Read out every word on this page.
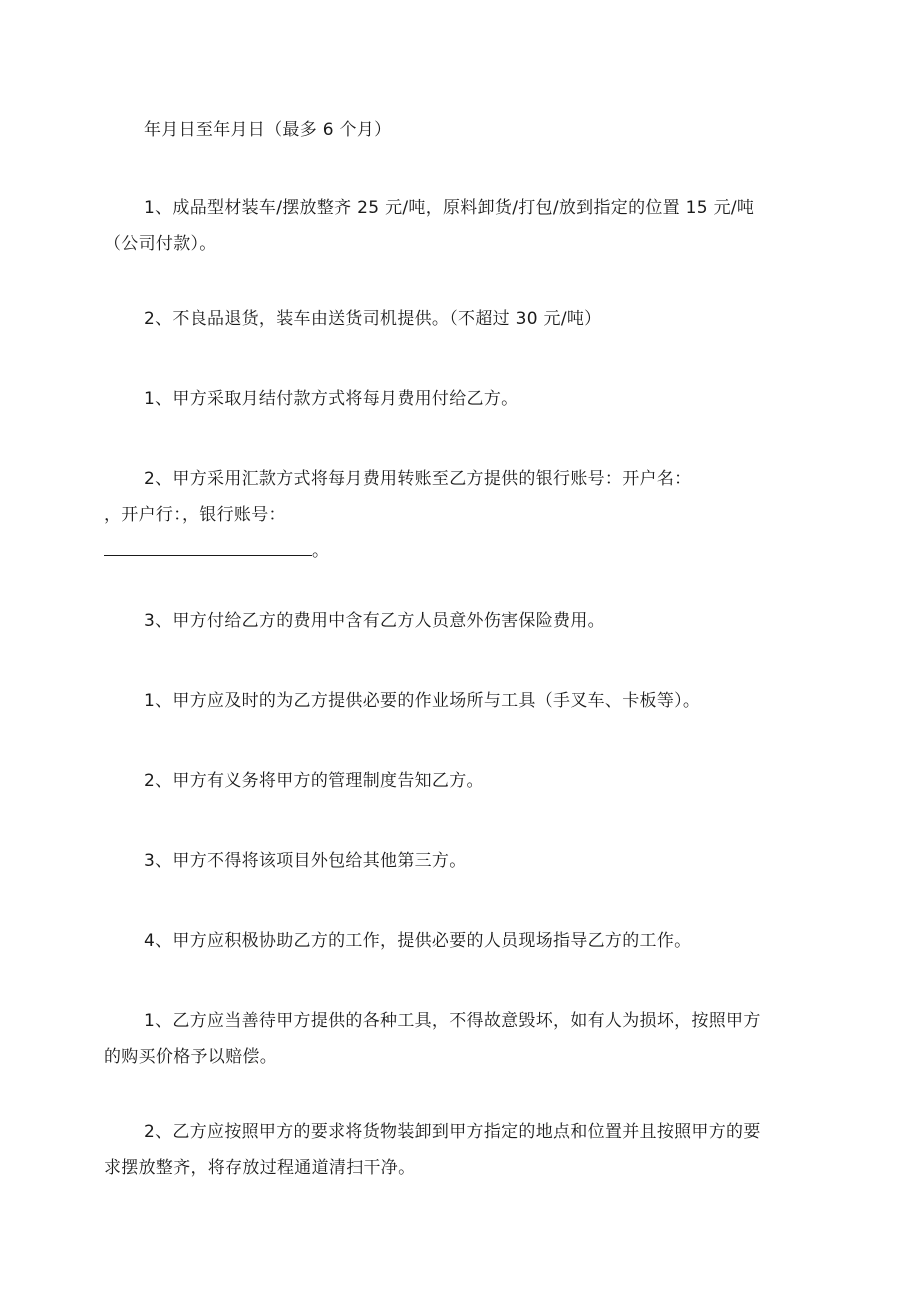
年月日至年月日（最多 6 个月）

1、成品型材装车/摆放整齐 25 元/吨，原料卸货/打包/放到指定的位置 15 元/吨
（公司付款）。

2、不良品退货，装车由送货司机提供。（不超过 30 元/吨）

1、甲方采取月结付款方式将每月费用付给乙方。

2、甲方采用汇款方式将每月费用转账至乙方提供的银行账号：开户名：
，开户行：，银行账号：
。

3、甲方付给乙方的费用中含有乙方人员意外伤害保险费用。

1、甲方应及时的为乙方提供必要的作业场所与工具（手叉车、卡板等）。

2、甲方有义务将甲方的管理制度告知乙方。

3、甲方不得将该项目外包给其他第三方。

4、甲方应积极协助乙方的工作，提供必要的人员现场指导乙方的工作。

1、乙方应当善待甲方提供的各种工具，不得故意毁坏，如有人为损坏，按照甲方
的购买价格予以赔偿。

2、乙方应按照甲方的要求将货物装卸到甲方指定的地点和位置并且按照甲方的要
求摆放整齐，将存放过程通道清扫干净。
